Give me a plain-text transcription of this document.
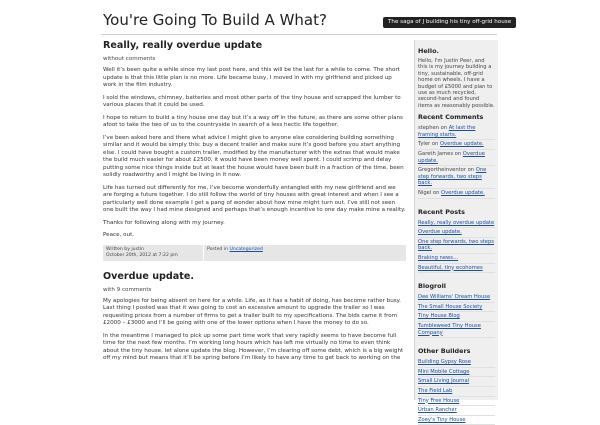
You're Going To Build A What?	The saga of J building his tiny off-grid house
Really, really overdue update
without comments

Well it’s been quite a while since my last post here, and this will be the last for a while to come. The short update is that this little plan is no more. Life became busy, I moved in with my girlfriend and picked up work in the film industry.

I sold the windows, chimney, batteries and most other parts of the tiny house and scrapped the lumber to various places that it could be used.

I hope to return to build a tiny house one day but it’s a way off in the future, as there are some other plans afoot to take the two of us to the countryside in search of a less hectic life together.

I’ve been asked here and there what advice I might give to anyone else considering building something similar and it would be simply this: buy a decent trailer and make sure it’s good before you start anything else. I could have bought a custom trailer, modified by the manufacturer with the extras that would make the build much easier for about £2500, it would have been money well spent. I could scrimp and delay putting some nice things inside but at least the house would have been built in a fraction of the time, been solidly roadworthy and I might be living in it now.

Life has turned out differently for me, I’ve become wonderfully entangled with my new girlfriend and we are forging a future together. I do still follow the world of tiny houses with great interest and when I see a particularly well done example I get a pang of wonder about how mine might turn out. I’ve still not seen one built the way I had mine designed and perhaps that’s enough incentive to one day make mine a reality.

Thanks for following along with my journey.

Peace, out.

Written by justin
October 20th, 2012 at 7:22 pm
Posted in Uncategorized
Overdue update.
with 9 comments

My apologies for being absent on here for a while. Life, as it has a habit of doing, has become rather busy. Last thing I posted was that it was going to cost an excessive amount to upgrade the trailer so I was requesting prices from a number of firms to get a trailer built to my specifications. The bids came it from £2000 – £3000 and I’ll be going with one of the lower options when I have the money to do so.

In the meantime I managed to pick up some part time work that very rapidly seems to have become full time for the next few months. I’m working long hours which has left me virtually no time to even think about the tiny house, let alone update the blog. However, I’m clearing off some debt, which is a big weight off my mind but means that it’ll be spring before I’m likely to have any time to get back to working on the

Hello.
Hello, I'm Justin Peer, and this is my journey building a tiny, sustainable, off-grid home on wheels. I have a budget of £5000 and plan to use as much recycled, second-hand and found items as reasonably possible.
Recent Comments
stephen on At last the framing starts.
Tyler on Overdue update.
Gareth James on Overdue update.
Gregortheinventor on One step forwards, two steps back.
Nigel on Overdue update.
Recent Posts
Really, really overdue update
Overdue update.
One step forwards, two steps back.
Braking news…
Beautiful, tiny ecohomes
Blogroll
Dee Williams' Dream House
The Small House Society
Tiny House Blog
Tumbleweed Tiny House Company
Other Builders
Building Gypsy Rose
Mini Mobile Cottage
Small Living Journal
The Field Lab
Tiny Free House
Urban Rancher
Zoey's Tiny House
